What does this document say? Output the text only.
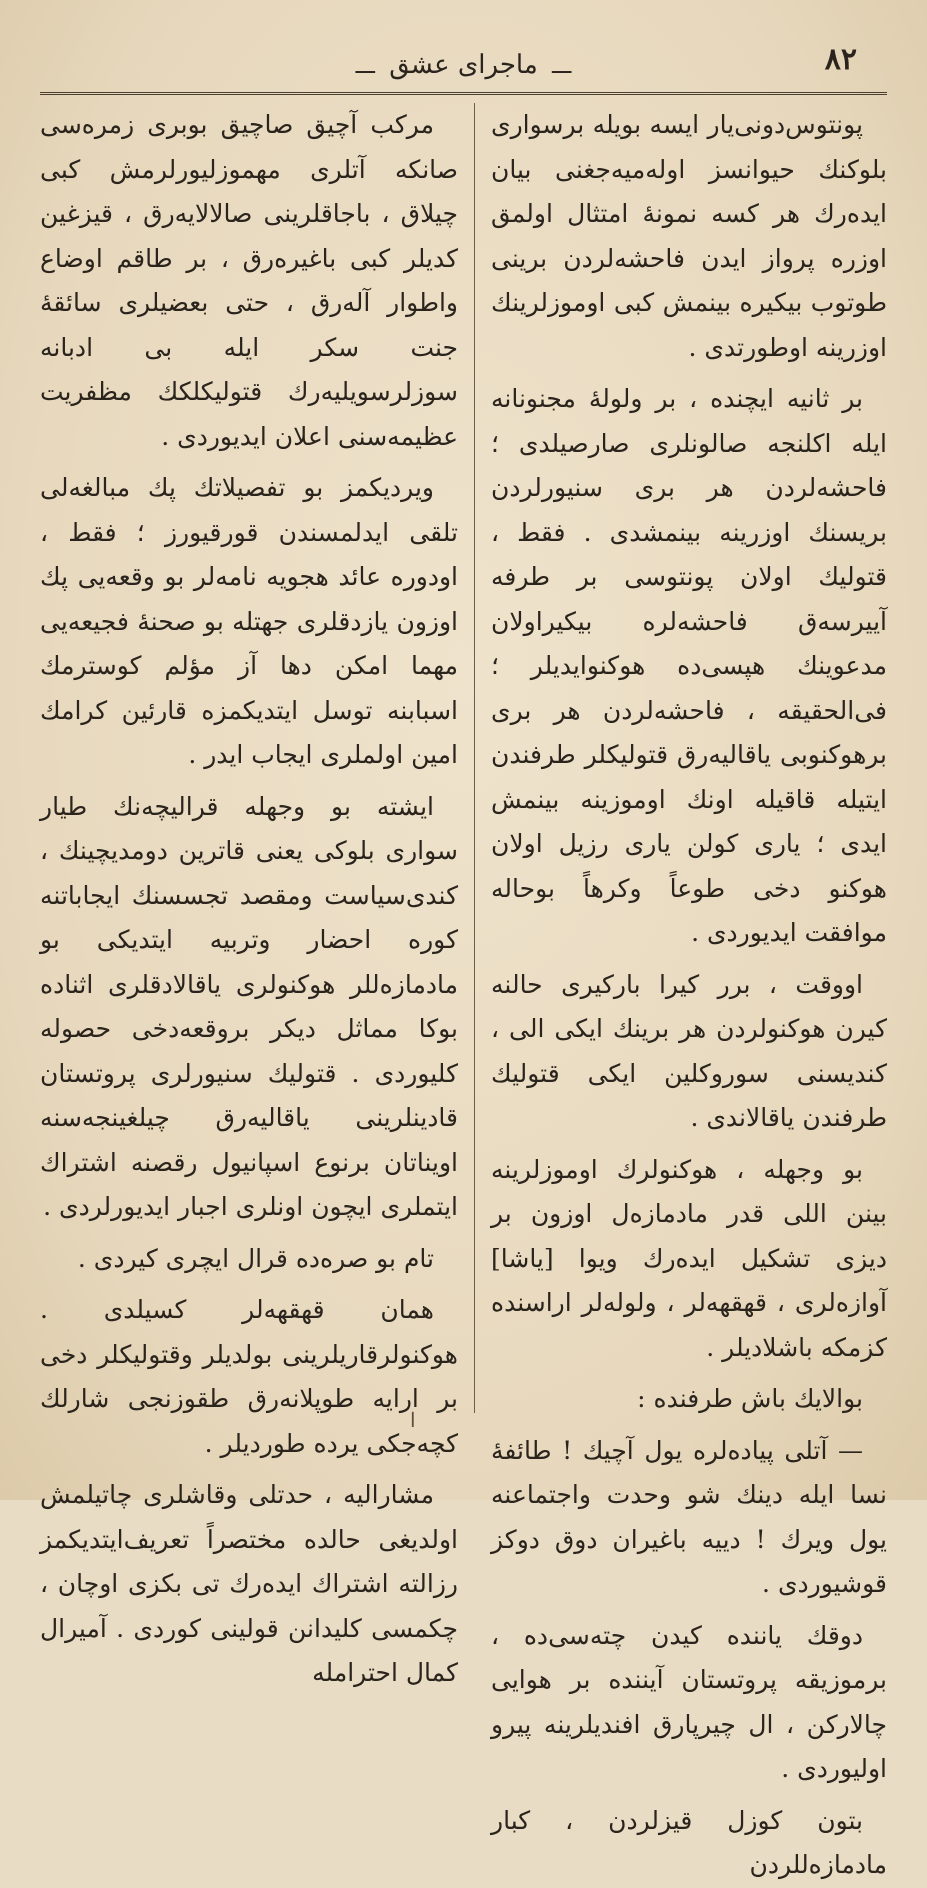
٨٢
ـــ ماجرای عشق ـــ

پونتوس‌دونی‌یار ایسه بویله برسواری بلوکنك حیوانسز اوله‌میه‌جغنی بیان ایده‌رك هر کسه نمونهٔ امتثال اولمق اوزره پرواز ایدن فاحشه‌لردن برینی طوتوب بیکیره بینمش کبی اوموزلرینك اوزرینه اوطورتدی .

بر ثانیه ایچنده ، بر ولولهٔ مجنونانه ایله اکلنجه صالونلری صارصیلدی ؛ فاحشه‌لردن هر بری سنیورلردن بریسنك اوزرینه بینمشدی . فقط ، قتولیك اولان پونتوسی بر طرفه آییرسه‌ق فاحشه‌لره بیکیراولان مدعوینك هپسی‌ده هوکنوایدیلر ؛ فی‌الحقیقه ، فاحشه‌لردن هر بری برهوکنوبی یاقالیه‌رق قتولیکلر طرفندن ایتیله قاقیله اونك اوموزینه بینمش ایدی ؛ یاری کولن یاری رزیل اولان هوکنو دخی طوعاً وکرهاً بوحاله موافقت ایدیوردی .

اووقت ، برر کیرا بارکیری حالنه کیرن هوکنولردن هر برینك ایکی الی ، کندیسنی سوروکلین ایکی قتولیك طرفندن یاقالاندی .

بو وجهله ، هوکنولرك اوموزلرینه بینن اللی قدر مادمازه‌ل اوزون بر دیزی تشکیل ایده‌رك ویوا [یاشا] آوازه‌لری ، قهقهه‌لر ، ولوله‌لر اراسنده کزمکه باشلادیلر .

بوالایك باش طرفنده :

— آتلی پیاده‌لره یول آچیك ! طائفهٔ نسا ایله دینك شو وحدت واجتماعنه یول ویرك ! دییه باغیران دوق دوکز قوشیوردی .

دوقك یانندە کیدن چته‌سی‌ده ، برموزیقه پروتستان آیننده بر هوایی چالارکن ، ال چیرپارق افندیلرینه پیرو اولیوردی .

بتون کوزل قیزلردن ، کبار مادمازه‌للردن

مرکب آچیق صاچیق بوبری زمره‌سی صانکه آتلری مهموزلیورلرمش کبی چیلاق ، باجاقلرینی صالالایه‌رق ، قیزغین کدیلر کبی باغیره‌رق ، بر طاقم اوضاع واطوار آله‌رق ، حتی بعضیلری سائقهٔ جنت سکر ایله بی ادبانه سوزلرسویلیه‌رك قتولیکلکك مظفریت عظیمه‌سنی اعلان ایدیوردی .

ویردیکمز بو تفصیلاتك پك مبالغه‌لی تلقی ایدلمسندن قورقیورز ؛ فقط ، اودوره عائد هجویه نامه‌لر بو وقعه‌یی پك اوزون یازدقلری جهتله بو صحنهٔ فجیعه‌یی مهما امکن دها آز مؤلم کوسترمك اسبابنه توسل ایتدیکمزه قارئین کرامك امین اولملری ایجاب ایدر .

ایشته بو وجهله قرالیچه‌نك طیار سواری بلوکی یعنی قاترین دومدیچینك ، کندی‌سیاست ومقصد تجسسنك ایجاباتنه کوره احضار وتربیه ایتدیکی بو مادمازه‌للر هوکنولری یاقالادقلری اثناده بوکا مماثل دیکر بروقعه‌دخی حصوله کلیوردی . قتولیك سنیورلری پروتستان قادینلرینی یاقالیه‌رق چیلغینجه‌سنه اویناتان برنوع اسپانیول رقصنه اشتراك ایتملری ایچون اونلری اجبار ایدیورلردی .

تام بو صره‌ده قرال ایچری کیردی .

همان قهقهه‌لر کسیلدی . هوکنولرقاریلرینی بولدیلر وقتولیکلر دخی بر ارایه طوپلانه‌رق طقوزنجی شارلك کچه‌جکی یرده طوردیلر .

مشارالیه ، حدتلی وقاشلری چاتیلمش اولدیغی حالده مختصراً تعریف‌ایتدیکمز رزالته اشتراك ایده‌رك تی بکزی اوچان ، چکمسی کلیدانن قولینی کوردی . آمیرال کمال احترامله

ا
